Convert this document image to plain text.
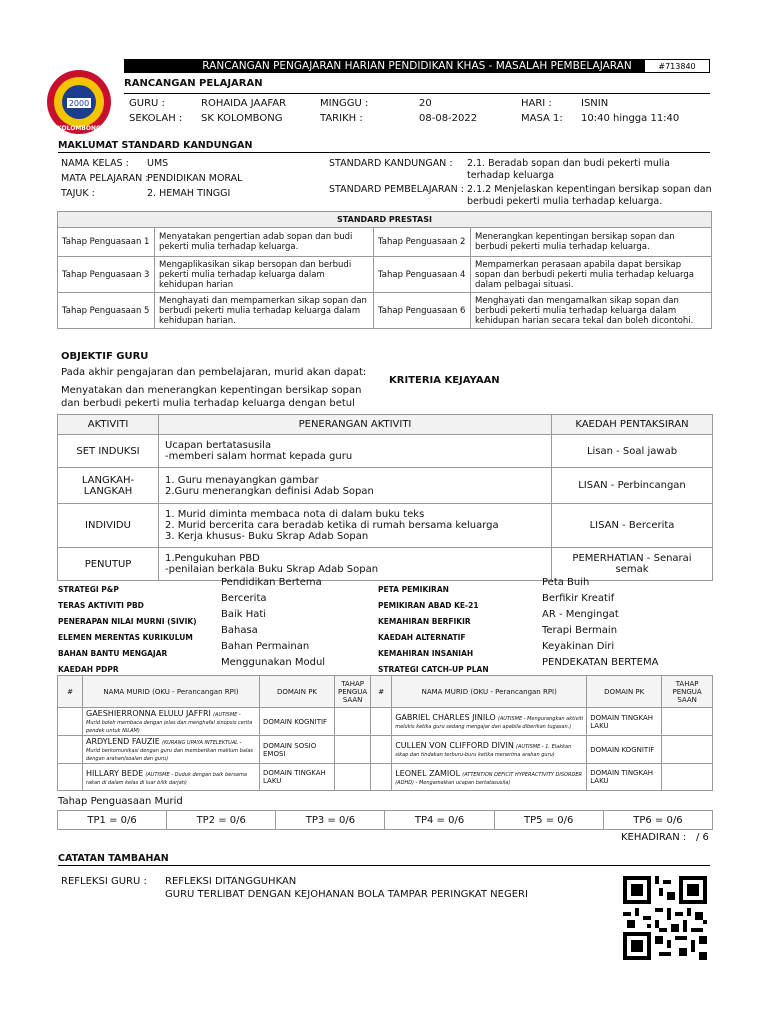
2000
KOLOMBONG
RANCANGAN PENGAJARAN HARIAN PENDIDIKAN KHAS - MASALAH PEMBELAJARAN	#713840
RANCANGAN PELAJARAN
GURU :	ROHAIDA JAAFAR	MINGGU :	20	HARI :	ISNIN
SEKOLAH : SK KOLOMBONG	TARIKH :	08-08-2022	MASA 1: 10:40 hingga 11:40
MAKLUMAT STANDARD KANDUNGAN
NAMA KELAS : UMS
MATA PELAJARAN :
PENDIDIKAN MORAL
TAJUK :	2. HEMAH TINGGI
STANDARD KANDUNGAN : 2.1. Beradab sopan dan budi pekerti mulia terhadap keluarga
STANDARD PEMBELAJARAN : 2.1.2 Menjelaskan kepentingan bersikap sopan dan berbudi pekerti mulia terhadap keluarga.
STANDARD PRESTASI			
Tahap Penguasaan 1	Menyatakan pengertian adab sopan dan budi pekerti mulia terhadap keluarga.	Tahap Penguasaan 2	Menerangkan kepentingan bersikap sopan dan berbudi pekerti mulia terhadap keluarga.
Tahap Penguasaan 3	Mengaplikasikan sikap bersopan dan berbudi pekerti mulia terhadap keluarga dalam kehidupan harian	Tahap Penguasaan 4	Mempamerkan perasaan apabila dapat bersikap sopan dan berbudi pekerti mulia terhadap keluarga dalam pelbagai situasi.
Tahap Penguasaan 5	Menghayati dan mempamerkan sikap sopan dan berbudi pekerti mulia terhadap keluarga dalam kehidupan harian.	Tahap Penguasaan 6	Menghayati dan mengamalkan sikap sopan dan berbudi pekerti mulia terhadap keluarga dalam kehidupan harian secara tekal dan boleh dicontohi.
OBJEKTIF GURU
Pada akhir pengajaran dan pembelajaran, murid akan dapat:
Menyatakan dan menerangkan kepentingan bersikap sopan dan berbudi pekerti mulia terhadap keluarga dengan betul
KRITERIA KEJAYAAN
AKTIVITI	PENERANGAN AKTIVITI	KAEDAH PENTAKSIRAN
SET INDUKSI	Ucapan bertatasusila
-memberi salam hormat kepada guru	Lisan - Soal jawab
LANGKAH-LANGKAH	1. Guru menayangkan gambar
2.Guru menerangkan definisi Adab Sopan	LISAN - Perbincangan
INDIVIDU	1. Murid diminta membaca nota di dalam buku teks
2. Murid bercerita cara beradab ketika di rumah bersama keluarga
3. Kerja khusus- Buku Skrap Adab Sopan	LISAN - Bercerita
PENUTUP	1.Pengukuhan PBD
-penilaian berkala Buku Skrap Adab Sopan	PEMERHATIAN - Senarai semak
STRATEGI P&P
Pendidikan Bertema
TERAS AKTIVITI PBD
Bercerita
PENERAPAN NILAI MURNI (SIVIK)
Baik Hati
ELEMEN MERENTAS KURIKULUM
Bahasa
BAHAN BANTU MENGAJAR
Bahan Permainan
KAEDAH PDPR
Menggunakan Modul
PETA PEMIKIRAN
Peta Buih
PEMIKIRAN ABAD KE-21
Berfikir Kreatif
KEMAHIRAN BERFIKIR
AR - Mengingat
KAEDAH ALTERNATIF
Terapi Bermain
KEMAHIRAN INSANIAH
Keyakinan Diri
STRATEGI CATCH-UP PLAN
PENDEKATAN BERTEMA
#	NAMA MURID (OKU - Perancangan RPI)	DOMAIN PK	TAHAP PENGUA SAAN	#	NAMA MURID (OKU - Perancangan RPI)	DOMAIN PK	TAHAP PENGUA SAAN
	GAESHIERRONNA ELULU JAFFRI (AUTISME - Murid boleh membaca dengan jelas dan menghafal sinopsis cerita pendek untuk NILAM)	DOMAIN KOGNITIF			GABRIEL CHARLES JINILO (AUTISME - Mengurangkan aktiviti melukis ketika guru sedang mengajar dan apabila diberikan tugasan.)	DOMAIN TINGKAH LAKU	
	ARDYLEND FAUZIE (KURANG UPAYA INTELEKTUAL - Murid berkomunikasi dengan guru dan memberikan maklum balas dengan arahan/soalan dan guru)	DOMAIN SOSIO EMOSI			CULLEN VON CLIFFORD DIVIN (AUTISME - 1. Elakkan sikap dan tindakan terburu-buru ketika menerima arahan guru)	DOMAIN KOGNITIF	
	HILLARY BEDE (AUTISME - Duduk dengan baik bersama rakan di dalam kelas di luar bilik darjah)	DOMAIN TINGKAH LAKU			LEONEL ZAMIOL (ATTENTION DEFICIT HYPERACTIVITY DISORDER (ADHD) - Mengamalkan ucapan bertatasusila)	DOMAIN TINGKAH LAKU	
Tahap Penguasaan Murid
TP1 = 0/6	TP2 = 0/6	TP3 = 0/6	TP4 = 0/6	TP5 = 0/6	TP6 = 0/6
KEHADIRAN : / 6
CATATAN TAMBAHAN
REFLEKSI GURU : REFLEKSI DITANGGUHKAN
GURU TERLIBAT DENGAN KEJOHANAN BOLA TAMPAR PERINGKAT NEGERI
